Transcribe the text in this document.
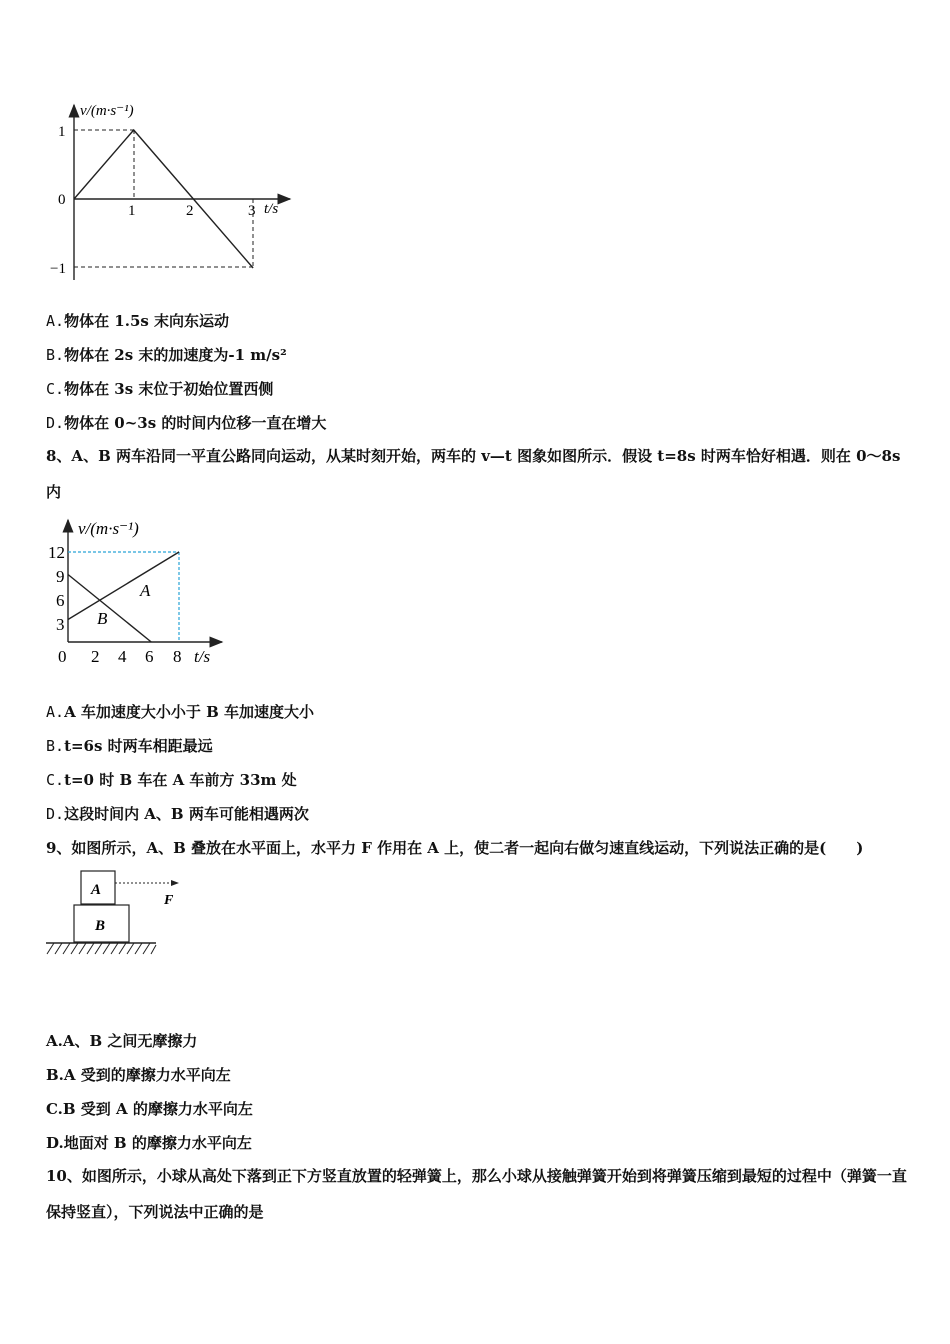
v/(m·s⁻¹)
t/s
1
0
−1
1	2	3
A.物体在 1.5s 末向东运动
B.物体在 2s 末的加速度为-1 m/s²
C.物体在 3s 末位于初始位置西侧
D.物体在 0~3s 的时间内位移一直在增大
8、A、B 两车沿同一平直公路同向运动，从某时刻开始，两车的 v—t 图象如图所示．假设 t=8s 时两车恰好相遇．则在 0～8s 内
v/(m·s⁻¹)
t/s
12
9
6
3
0 2 4 6 8
A
B
A.A 车加速度大小小于 B 车加速度大小
B.t=6s 时两车相距最远
C.t=0 时 B 车在 A 车前方 33m 处
D.这段时间内 A、B 两车可能相遇两次
9、如图所示，A、B 叠放在水平面上，水平力 F 作用在 A 上，使二者一起向右做匀速直线运动，下列说法正确的是(　　)
A
B
F
A.A、B 之间无摩擦力
B.A 受到的摩擦力水平向左
C.B 受到 A 的摩擦力水平向左
D.地面对 B 的摩擦力水平向左
10、如图所示，小球从高处下落到正下方竖直放置的轻弹簧上，那么小球从接触弹簧开始到将弹簧压缩到最短的过程中（弹簧一直保持竖直），下列说法中正确的是
